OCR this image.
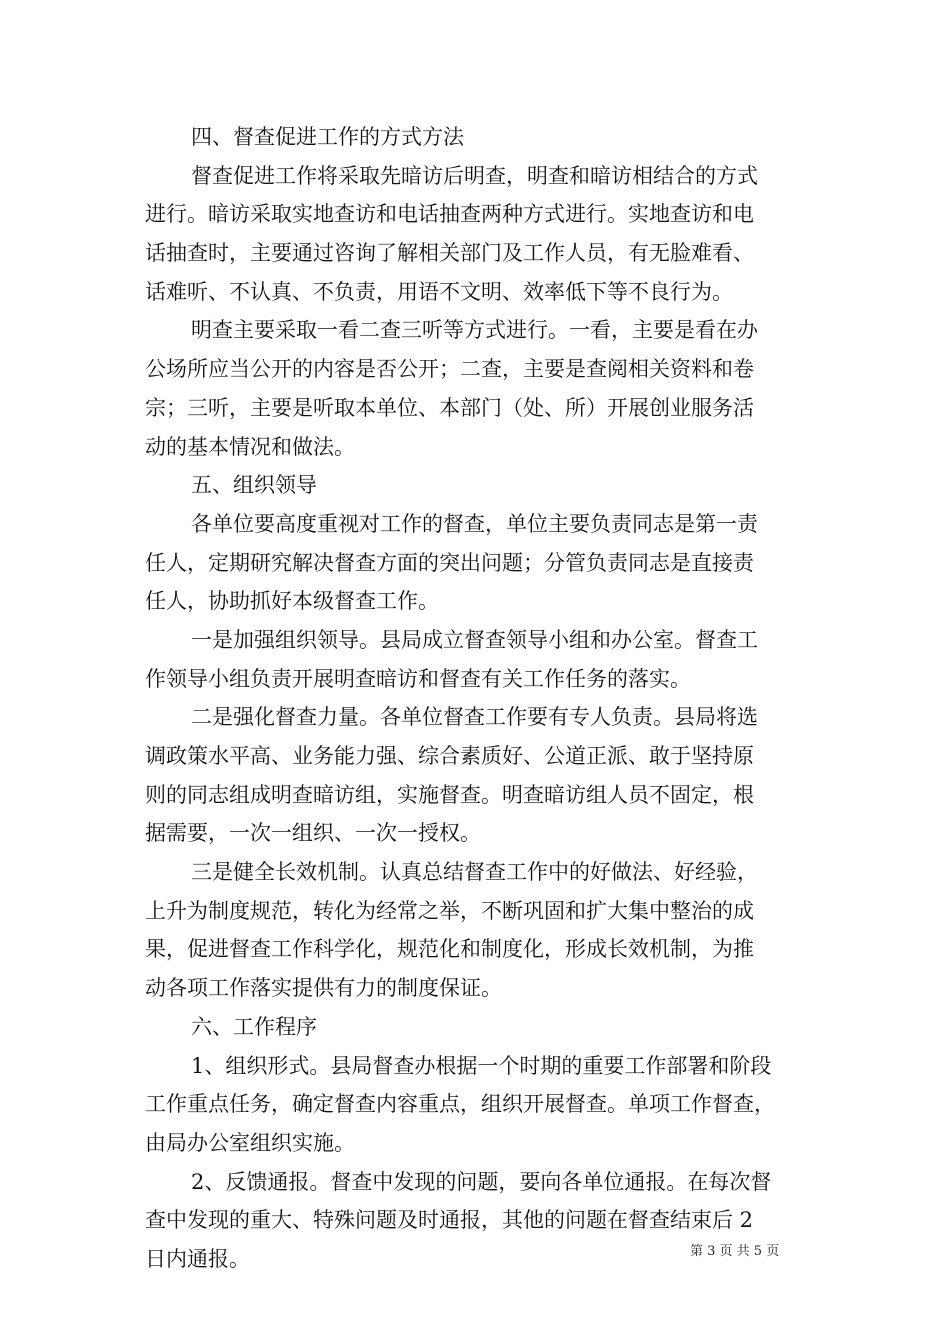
四、督查促进工作的方式方法
督查促进工作将采取先暗访后明查，明查和暗访相结合的方式
进行。暗访采取实地查访和电话抽查两种方式进行。实地查访和电
话抽查时，主要通过咨询了解相关部门及工作人员，有无脸难看、
话难听、不认真、不负责，用语不文明、效率低下等不良行为。
明查主要采取一看二查三听等方式进行。一看，主要是看在办
公场所应当公开的内容是否公开；二查，主要是查阅相关资料和卷
宗；三听，主要是听取本单位、本部门（处、所）开展创业服务活
动的基本情况和做法。
五、组织领导
各单位要高度重视对工作的督查，单位主要负责同志是第一责
任人，定期研究解决督查方面的突出问题；分管负责同志是直接责
任人，协助抓好本级督查工作。
一是加强组织领导。县局成立督查领导小组和办公室。督查工
作领导小组负责开展明查暗访和督查有关工作任务的落实。
二是强化督查力量。各单位督查工作要有专人负责。县局将选
调政策水平高、业务能力强、综合素质好、公道正派、敢于坚持原
则的同志组成明查暗访组，实施督查。明查暗访组人员不固定，根
据需要，一次一组织、一次一授权。
三是健全长效机制。认真总结督查工作中的好做法、好经验，
上升为制度规范，转化为经常之举，不断巩固和扩大集中整治的成
果，促进督查工作科学化，规范化和制度化，形成长效机制，为推
动各项工作落实提供有力的制度保证。
六、工作程序
1、组织形式。县局督查办根据一个时期的重要工作部署和阶段
工作重点任务，确定督查内容重点，组织开展督查。单项工作督查，
由局办公室组织实施。
2、反馈通报。督查中发现的问题，要向各单位通报。在每次督
查中发现的重大、特殊问题及时通报，其他的问题在督查结束后 2
日内通报。	第 3 页 共 5 页
